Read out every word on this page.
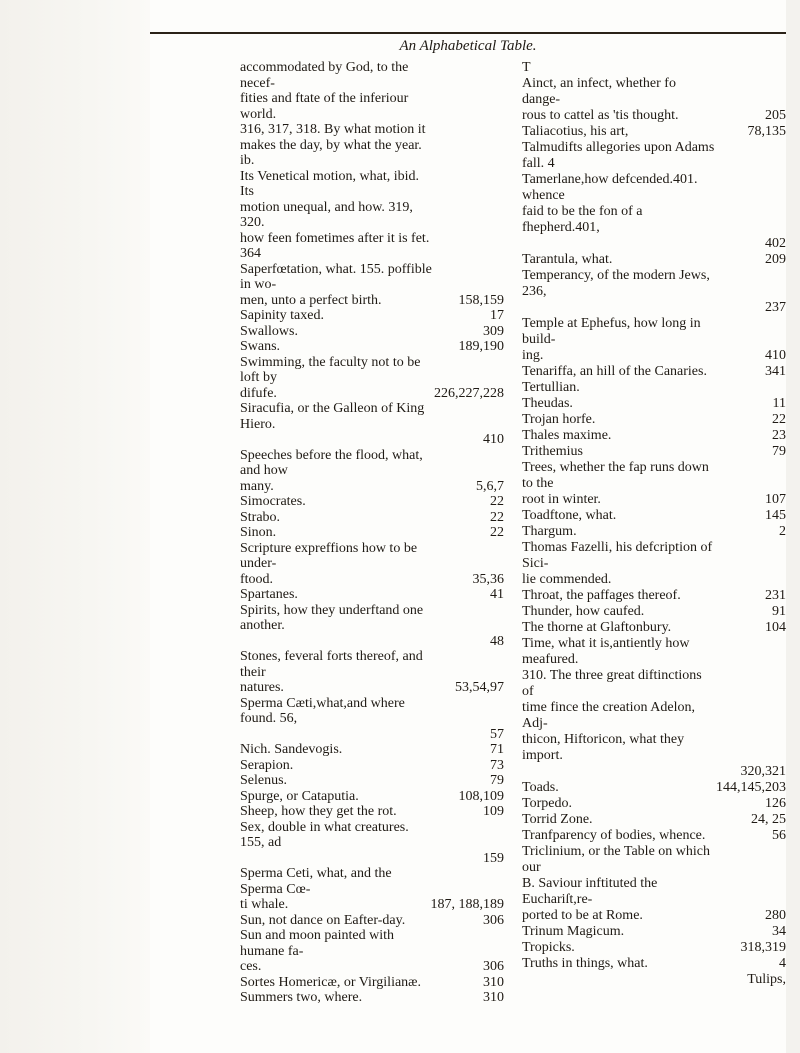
An Alphabetical Table.
accommodated by God, to the necef-
fities and ftate of the inferiour world.
316, 317, 318. By what motion it
makes the day, by what the year. ib.
Its Venetical motion, what, ibid. Its
motion unequal, and how. 319, 320.
how feen fometimes after it is fet. 364
Saperfœtation, what. 155. poffible in wo-
men, unto a perfect birth.	158,159
Sapinity taxed.	17
Swallows.	309
Swans.	189,190
Swimming, the faculty not to be loft by
difufe.	226,227,228
Siracufia, or the Galleon of King Hiero.
410
Speeches before the flood, what, and how
many.	5,6,7
Simocrates.	22
Strabo.	22
Sinon.	22
Scripture expreffions how to be under-
ftood.	35,36
Spartanes.	41
Spirits, how they underftand one another.
48
Stones, feveral forts thereof, and their
natures.	53,54,97
Sperma Cæti,what,and where found. 56,
57
Nich. Sandevogis.	71
Serapion.	73
Selenus.	79
Spurge, or Cataputia.	108,109
Sheep, how they get the rot.	109
Sex, double in what creatures. 155, ad
159
Sperma Ceti, what, and the Sperma Cœ-
ti whale.	187, 188,189
Sun, not dance on Eafter-day.	306
Sun and moon painted with humane fa-
ces.	306
Sortes Homericæ, or Virgilianæ.	310
Summers two, where.	310
T
Ainct, an infect, whether fo dange-
rous to cattel as 'tis thought.	205
Taliacotius, his art,	78,135
Talmudifts allegories upon Adams fall. 4
Tamerlane,how defcended.401. whence
faid to be the fon of a fhepherd.401,
402
Tarantula, what.	209
Temperancy, of the modern Jews, 236,
237
Temple at Ephefus, how long in build-
ing.	410
Tenariffa, an hill of the Canaries.	341
Tertullian.
Theudas.	11
Trojan horfe.	22
Thales maxime.	23
Trithemius	79
Trees, whether the fap runs down to the
root in winter.	107
Toadftone, what.	145
Thargum.	2
Thomas Fazelli, his defcription of Sici-
lie commended.
Throat, the paffages thereof.	231
Thunder, how caufed.	91
The thorne at Glaftonbury.	104
Time, what it is,antiently how meafured.
310. The three great diftinctions of
time fince the creation Adelon, Adj-
thicon, Hiftoricon, what they import.
320,321
Toads.	144,145,203
Torpedo.	126
Torrid Zone.	24, 25
Tranfparency of bodies, whence.	56
Triclinium, or the Table on which our
B. Saviour inftituted the Euchariſt,re-
ported to be at Rome.	280
Trinum Magicum.	34
Tropicks.	318,319
Truths in things, what.	4
Tulips,
